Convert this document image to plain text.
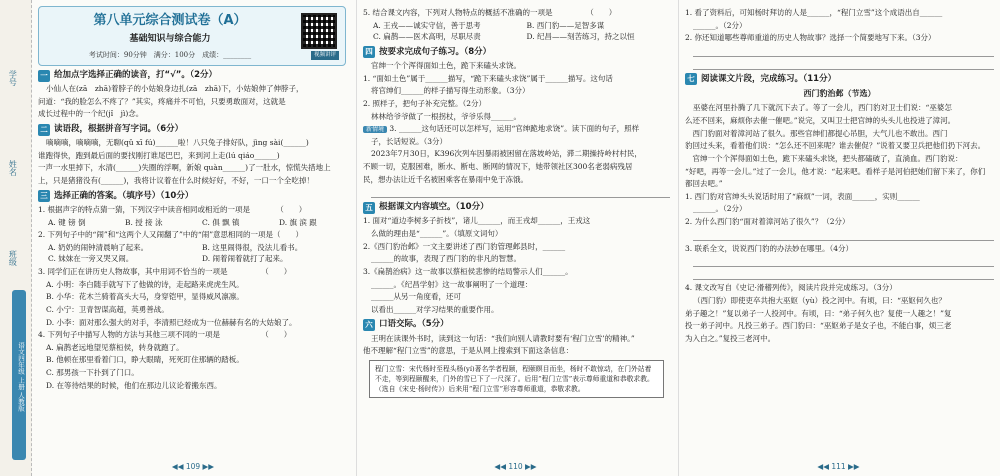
学号
姓名
班级
语文四年级 上册 人教版
第八单元综合测试卷（A）
基础知识与综合能力
考试时间：90分钟　满分：100分　成绩：________	视频讲评
一 给加点字选择正确的读音，打“√”。（2分）
小仙人在(zā　zhā)着脖子的小姑娘身边扎(zā　zhā)下，小姑娘伸了伸脖子，
问道：“我的脸怎么不疼了？”其实，疼痛并不可怕，只要勇敢面对，这就是
成长过程中的一个纪(jǐ　jì)念。
二 读语段，根据拼音写字词。（6分）
嘀嘀嘀，嘀嘀嘀，无聊(qǔ xī fú)______啦！八只兔子排好队，jìng sài(______)
谁跑得快，跑到最后面的要找刚打谁尾巴巴，来到河上走(lú qiáo______)
一声一水里掉下，水清(______)失圈的浮啊，新娘 quàn______)了一肚水，惊慌失措地上
上，只是猪猪没有(______)，我将计议着在什么时候好好，不好，一口一个全吃掉！
三 选择正确的答案。（填序号）（10分）
1. 根据声字的特点猜一猜，下列汉字中读音相同或相近的一项是　　　　（　　）
A. 键 镑 倒	B. 授 接 泳	C. 俱 飘 镇	D. 旗 滨 跟
2. 下列句子中的“闹”和“这两个人又闹翻了”中的“闹”意思相同的一项是（　　）
A. 奶奶的闹钟清晨响了起来。	B. 这里闹得很，没法儿看书。
C. 妹妹在一旁又哭又闹。	D. 闹着闹着就打了起来。
3. 同学们正在讲历史人物故事，其中用词不恰当的一项是　　　　　（　　）
A. 小明：李白随手就写下了他做的诗，走起路来虎虎生风。
B. 小华：花木兰骑着高头大马，身穿铠甲，显得威风凛凛。
C. 小宁：卫青智谋高超，英勇善战。
D. 小李：面对那么强大的对手，李清照已经成为一位赫赫有名的大姑娘了。
4. 下列句子中描写人物的方法与其他三项不同的一项是　　　　　　（　　）
A. 扁鹊老远地望见蔡桓侯，转身就跑了。
B. 他顿在那里看着门口，睁大眼睛，死死盯住那辆的踏板。
C. 那男孩一下扑到了门口。
D. 在等待结果的时候，他们在那边儿议论着搬东西。
◀◀ 109 ▶▶
5. 结合课文内容，下列对人物特点的概括不准确的一项是　　　　　（　　）
A. 王戎——诚实守信，善于思考	B. 西门豹——足智多谋
C. 扁鹊——医术高明，尽职尽责	D. 纪昌——刻苦练习，持之以恒
四 按要求完成句子练习。（8分）
官绅一个个浑得面如土色，跪下来磕头求饶。
1. “面如土色”属于______描写，“跪下来磕头求饶”属于______描写。这句话
将官绅们______的样子描写得生动形象。（3分）
2. 照样子，把句子补充完整。（2分）
林林给爷爷做了一根拐杖，爷爷乐得______。
新情境 3. ______这句话还可以怎样写，运用“官绅跪地求饶”。读下面的句子，照样
子，长话短说。（3分）
2023年7月30日，K396次列车因暴雨被困留在落坡岭站，滞二期操持岭村村民，
不顾一切，克服困难，断水、断电、断网的情况下，她带领社区300名老弱病残居
民，想办法让近千名被困乘客在暴雨中免于冻饿。
五 根据课文内容填空。（10分）
1. 面对“道边李树多子折枝”，诸儿______，而王戎却______，王戎这
么做的理由是“______”。（填原文词句）
2.《西门豹治邺》一文主要讲述了西门豹管理邺县时，______
______的故事，表现了西门豹的非凡的智慧。
3.《扁鹊治病》这一故事以蔡桓侯悲惨的结局警示人们______。
______。《纪昌学射》这一故事阐明了一个道理：
______从另一角度看，还可
以看出______对学习结果的重要作用。
六 口语交际。（5分）
王明在读课外书时，读到这一句话：“我们向别人请教时要有‘程门立雪’的精神。”
他不理解“程门立雪”的意思，于是从网上搜索到下面这条信息：
程门立雪：宋代杨时至程头杨(yí)著名学者程颐，程颐瞑目而坐，杨时不敢惊动，在门外站着不走，等到程颐醒来，门外的雪已下了一尺深了。后用“程门立雪”表示尊师重道和恭敬求教。（选自《宋史·杨时传》）后来用“程门立雪”形容尊师重道，恭敬求教。
◀◀ 110 ▶▶
1. 看了资料后，可知杨时拜访的人是______，“程门立雪”这个成语出自______
______。（2分）
2. 你还知道哪些尊师重道的历史人物故事？选择一个简要地写下来。（3分）
七 阅读课文片段，完成练习。（11分）
西门豹治邺（节选）
巫婆在河里扑腾了几下就沉下去了。等了一会儿，西门豹对卫士们说：“巫婆怎
么还不回来，麻烦你去催一催吧。”说完，又叫卫士把官绅的头头儿也投进了漳河。
　西门豹面对着漳河站了很久。那些官绅们都提心吊胆，大气儿也不敢出。西门
豹回过头来，看着他们说：“怎么还不回来呢？谁去催促？”说着又要卫兵把他们扔下河去。
　官绅一个个浑得面如土色，跪下来磕头求饶，把头都磕破了，直淌血。西门豹说：
“好吧，再等一会儿。”过了一会儿，他才说：“起来吧。看样子是河伯把她们留下来了，你们
都回去吧。”
1. 西门豹对官绅头头说话时用了“麻烦”一词，表面______，实则______
______。（2分）
2. 为什么西门豹“面对着漳河站了很久”？（2分）
3. 联系全文，说说西门豹的办法妙在哪里。（4分）
4. 课文改写自《史记·滑稽列传》，阅读片段并完成练习。（3分）
（西门豹）即使吏卒共抱大巫妪（yù）投之河中。有顷，曰：“巫妪何久也？
弟子趣之！”复以弟子一人投河中。有顷，曰：“弟子何久也？复使一人趣之！”复
投一弟子河中。凡投三弟子。西门豹曰：“巫妪弟子是女子也，不能白事，烦三老
为入白之。”复投三老河中。
◀◀ 111 ▶▶
